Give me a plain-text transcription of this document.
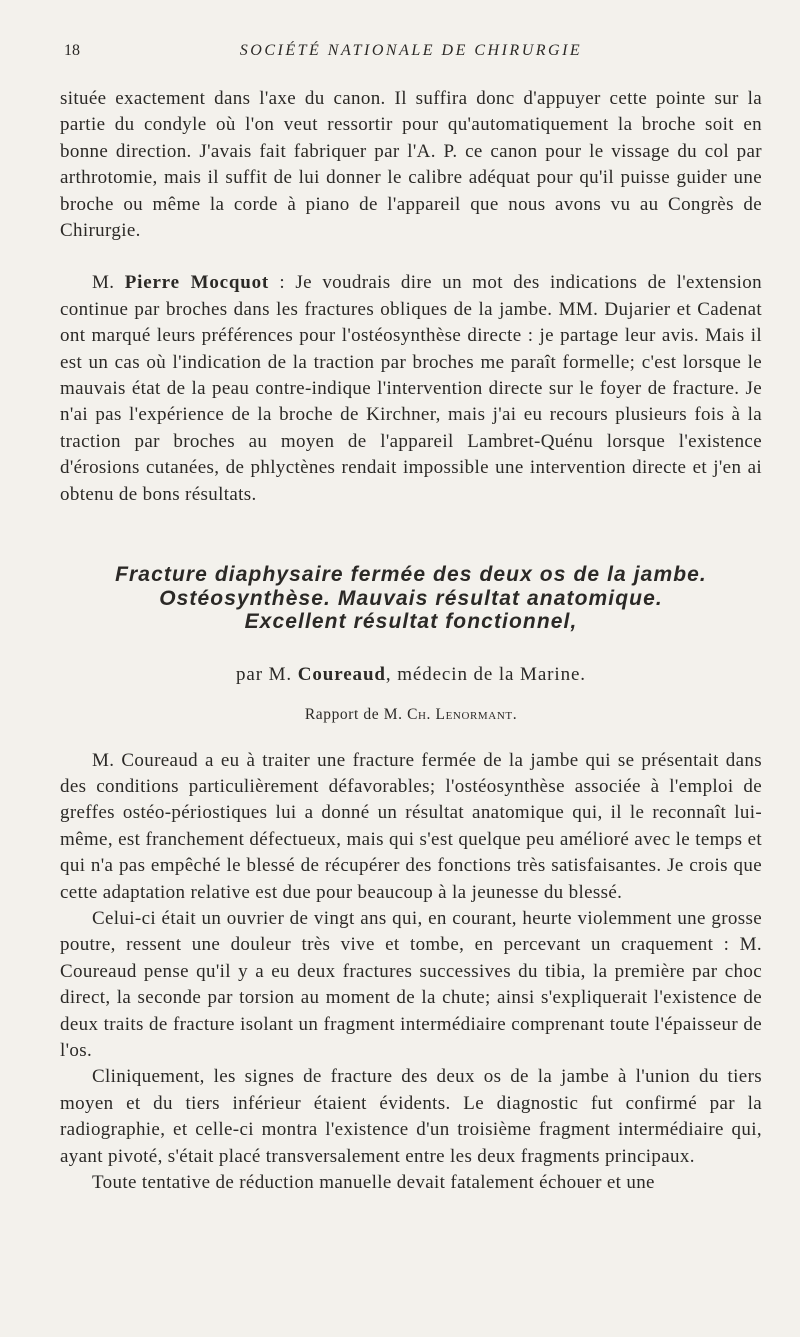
18	SOCIÉTÉ NATIONALE DE CHIRURGIE

située exactement dans l'axe du canon. Il suffira donc d'appuyer cette pointe sur la partie du condyle où l'on veut ressortir pour qu'automatiquement la broche soit en bonne direction. J'avais fait fabriquer par l'A. P. ce canon pour le vissage du col par arthrotomie, mais il suffit de lui donner le calibre adéquat pour qu'il puisse guider une broche ou même la corde à piano de l'appareil que nous avons vu au Congrès de Chirurgie.

M. Pierre Mocquot : Je voudrais dire un mot des indications de l'extension continue par broches dans les fractures obliques de la jambe. MM. Dujarier et Cadenat ont marqué leurs préférences pour l'ostéosynthèse directe : je partage leur avis. Mais il est un cas où l'indication de la traction par broches me paraît formelle; c'est lorsque le mauvais état de la peau contre-indique l'intervention directe sur le foyer de fracture. Je n'ai pas l'expérience de la broche de Kirchner, mais j'ai eu recours plusieurs fois à la traction par broches au moyen de l'appareil Lambret-Quénu lorsque l'existence d'érosions cutanées, de phlyctènes rendait impossible une intervention directe et j'en ai obtenu de bons résultats.

Fracture diaphysaire fermée des deux os de la jambe.

Ostéosynthèse. Mauvais résultat anatomique.

Excellent résultat fonctionnel,

par M. Coureaud, médecin de la Marine.
Rapport de M. Ch. Lenormant.

M. Coureaud a eu à traiter une fracture fermée de la jambe qui se présentait dans des conditions particulièrement défavorables; l'ostéosynthèse associée à l'emploi de greffes ostéo-périostiques lui a donné un résultat anatomique qui, il le reconnaît lui-même, est franchement défectueux, mais qui s'est quelque peu amélioré avec le temps et qui n'a pas empêché le blessé de récupérer des fonctions très satisfaisantes. Je crois que cette adaptation relative est due pour beaucoup à la jeunesse du blessé.

Celui-ci était un ouvrier de vingt ans qui, en courant, heurte violemment une grosse poutre, ressent une douleur très vive et tombe, en percevant un craquement : M. Coureaud pense qu'il y a eu deux fractures successives du tibia, la première par choc direct, la seconde par torsion au moment de la chute; ainsi s'expliquerait l'existence de deux traits de fracture isolant un fragment intermédiaire comprenant toute l'épaisseur de l'os.

Cliniquement, les signes de fracture des deux os de la jambe à l'union du tiers moyen et du tiers inférieur étaient évidents. Le diagnostic fut confirmé par la radiographie, et celle-ci montra l'existence d'un troisième fragment intermédiaire qui, ayant pivoté, s'était placé transversalement entre les deux fragments principaux.

Toute tentative de réduction manuelle devait fatalement échouer et une
